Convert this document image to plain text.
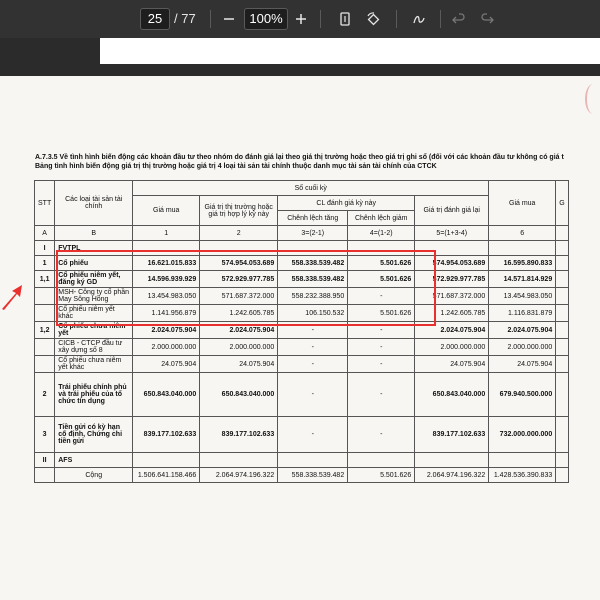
25 / 77	100%
A.7.3.5 Về tình hình biến động các khoản đầu tư theo nhóm do đánh giá lại theo giá thị trường hoặc theo giá trị ghi sổ (đối với các khoản đầu tư không có giá t
Bảng tình hình biến động giá trị thị trường hoặc giá trị 4 loại tài sản tài chính thuộc danh mục tài sản tài chính của CTCK
STT	Các loại tài sản tài chính	Số cuối kỳ					Giá mua	G
		Giá mua	Giá trị thị trường hoặc giá trị hợp lý kỳ này	CL đánh giá kỳ này		Giá trị đánh giá lại		
				Chênh lệch tăng	Chênh lệch giảm			
A	B	1	2	3=(2-1)	4=(1-2)	5=(1+3-4)	6	
I	FVTPL							
1	Cổ phiếu	16.621.015.833	574.954.053.689	558.338.539.482	5.501.626	574.954.053.689	16.595.890.833	
1,1	Cổ phiếu niêm yết, đăng ký GD	14.596.939.929	572.929.977.785	558.338.539.482	5.501.626	572.929.977.785	14.571.814.929	
	MSH- Công ty cổ phần May Sông Hồng	13.454.983.050	571.687.372.000	558.232.388.950	-	571.687.372.000	13.454.983.050	
	Cổ phiếu niêm yết khác	1.141.956.879	1.242.605.785	106.150.532	5.501.626	1.242.605.785	1.116.831.879	
1,2	Cổ phiếu chưa niêm yết	2.024.075.904	2.024.075.904	-	-	2.024.075.904	2.024.075.904	
	CICB - CTCP đầu tư xây dựng số 8	2.000.000.000	2.000.000.000	-	-	2.000.000.000	2.000.000.000	
	Cổ phiếu chưa niêm yết khác	24.075.904	24.075.904	-	-	24.075.904	24.075.904	
2	Trái phiếu chính phủ và trái phiếu của tổ chức tín dụng	650.843.040.000	650.843.040.000	-	-	650.843.040.000	679.940.500.000	
3	Tiền gửi có kỳ hạn cố định, Chứng chỉ tiền gửi	839.177.102.633	839.177.102.633	-	-	839.177.102.633	732.000.000.000	
II	AFS							
	Cộng	1.506.641.158.466	2.064.974.196.322	558.338.539.482	5.501.626	2.064.974.196.322	1.428.536.390.833	
